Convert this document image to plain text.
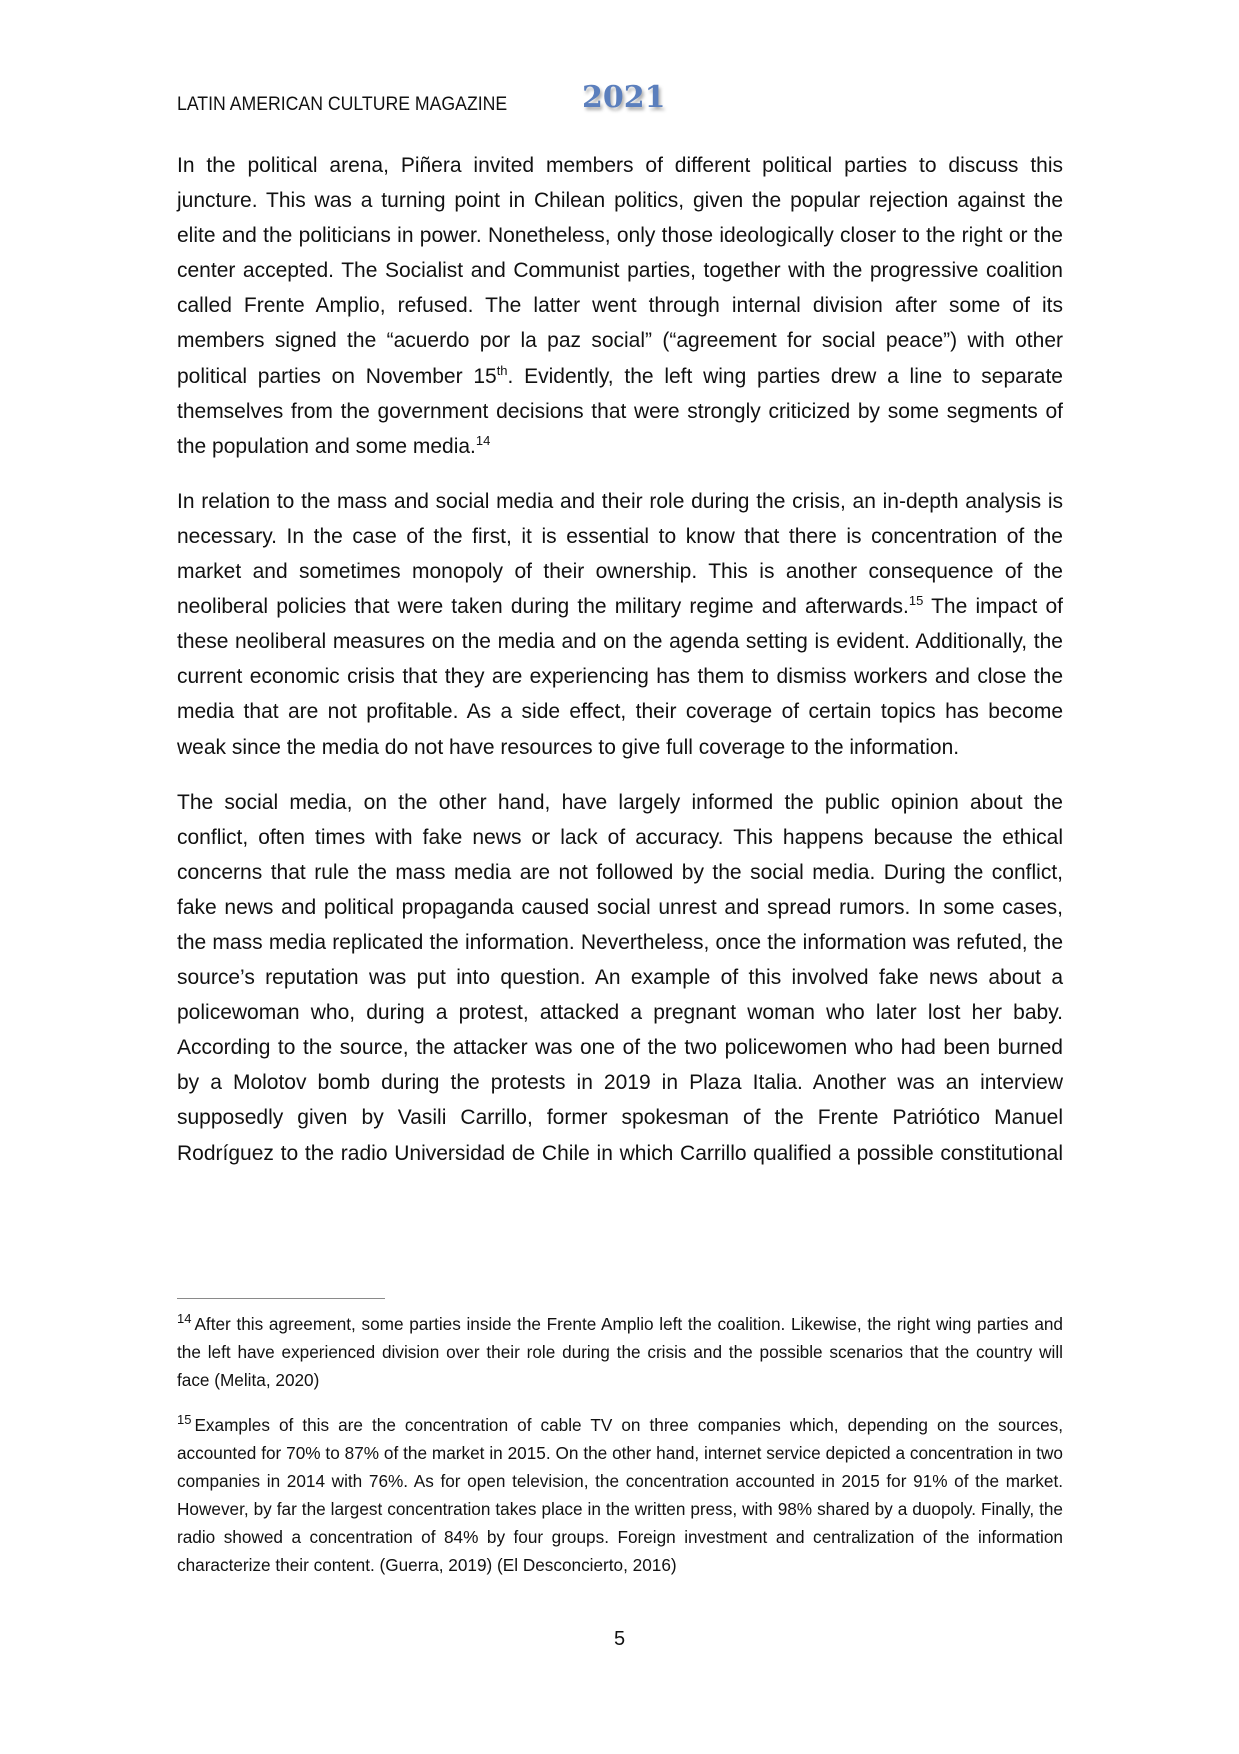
LATIN AMERICAN CULTURE MAGAZINE 2021

In the political arena, Piñera invited members of different political parties to discuss this juncture. This was a turning point in Chilean politics, given the popular rejection against the elite and the politicians in power. Nonetheless, only those ideologically closer to the right or the center accepted. The Socialist and Communist parties, together with the progressive coalition called Frente Amplio, refused. The latter went through internal division after some of its members signed the “acuerdo por la paz social” (“agreement for social peace”) with other political parties on November 15th. Evidently, the left wing parties drew a line to separate themselves from the government decisions that were strongly criticized by some segments of the population and some media.$^{14}$

In relation to the mass and social media and their role during the crisis, an in-depth analysis is necessary. In the case of the first, it is essential to know that there is concentration of the market and sometimes monopoly of their ownership. This is another consequence of the neoliberal policies that were taken during the military regime and afterwards.$^{15}$ The impact of these neoliberal measures on the media and on the agenda setting is evident. Additionally, the current economic crisis that they are experiencing has them to dismiss workers and close the media that are not profitable. As a side effect, their coverage of certain topics has become weak since the media do not have resources to give full coverage to the information.

The social media, on the other hand, have largely informed the public opinion about the conflict, often times with fake news or lack of accuracy. This happens because the ethical concerns that rule the mass media are not followed by the social media. During the conflict, fake news and political propaganda caused social unrest and spread rumors. In some cases, the mass media replicated the information. Nevertheless, once the information was refuted, the source’s reputation was put into question. An example of this involved fake news about a policewoman who, during a protest, attacked a pregnant woman who later lost her baby. According to the source, the attacker was one of the two policewomen who had been burned by a Molotov bomb during the protests in 2019 in Plaza Italia. Another was an interview supposedly given by Vasili Carrillo, former spokesman of the Frente Patriótico Manuel Rodríguez to the radio Universidad de Chile in which Carrillo qualified a possible constitutional

$^{14}$ After this agreement, some parties inside the Frente Amplio left the coalition. Likewise, the right wing parties and the left have experienced division over their role during the crisis and the possible scenarios that the country will face (Melita, 2020)

$^{15}$ Examples of this are the concentration of cable TV on three companies which, depending on the sources, accounted for 70% to 87% of the market in 2015. On the other hand, internet service depicted a concentration in two companies in 2014 with 76%. As for open television, the concentration accounted in 2015 for 91% of the market. However, by far the largest concentration takes place in the written press, with 98% shared by a duopoly. Finally, the radio showed a concentration of 84% by four groups. Foreign investment and centralization of the information characterize their content. (Guerra, 2019) (El Desconcierto, 2016)

5
